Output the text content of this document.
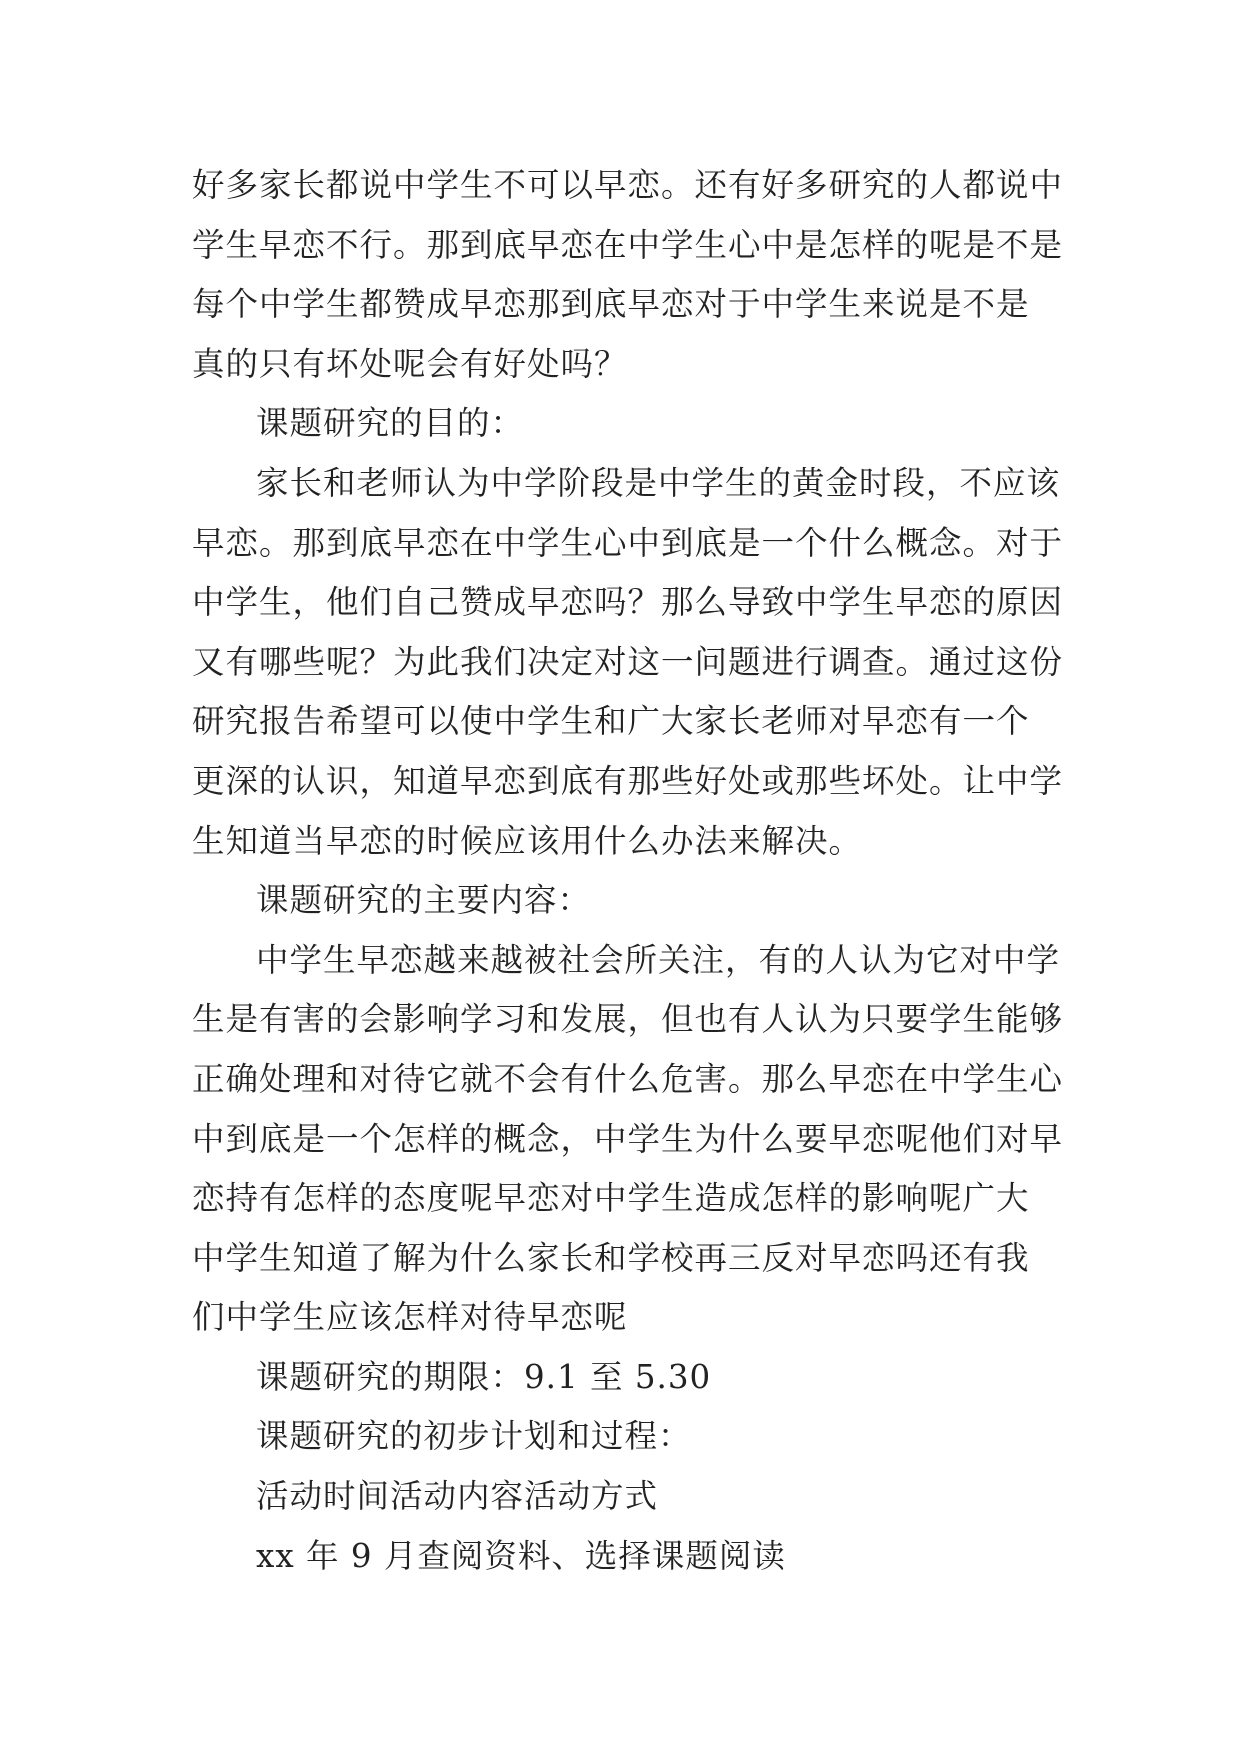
好多家长都说中学生不可以早恋。还有好多研究的人都说中
学生早恋不行。那到底早恋在中学生心中是怎样的呢是不是
每个中学生都赞成早恋那到底早恋对于中学生来说是不是
真的只有坏处呢会有好处吗？
课题研究的目的：
家长和老师认为中学阶段是中学生的黄金时段，不应该
早恋。那到底早恋在中学生心中到底是一个什么概念。对于
中学生，他们自己赞成早恋吗？那么导致中学生早恋的原因
又有哪些呢？为此我们决定对这一问题进行调查。通过这份
研究报告希望可以使中学生和广大家长老师对早恋有一个
更深的认识，知道早恋到底有那些好处或那些坏处。让中学
生知道当早恋的时候应该用什么办法来解决。
课题研究的主要内容：
中学生早恋越来越被社会所关注，有的人认为它对中学
生是有害的会影响学习和发展，但也有人认为只要学生能够
正确处理和对待它就不会有什么危害。那么早恋在中学生心
中到底是一个怎样的概念，中学生为什么要早恋呢他们对早
恋持有怎样的态度呢早恋对中学生造成怎样的影响呢广大
中学生知道了解为什么家长和学校再三反对早恋吗还有我
们中学生应该怎样对待早恋呢
课题研究的期限：9.1 至 5.30
课题研究的初步计划和过程：
活动时间活动内容活动方式
xx 年 9 月查阅资料、选择课题阅读
